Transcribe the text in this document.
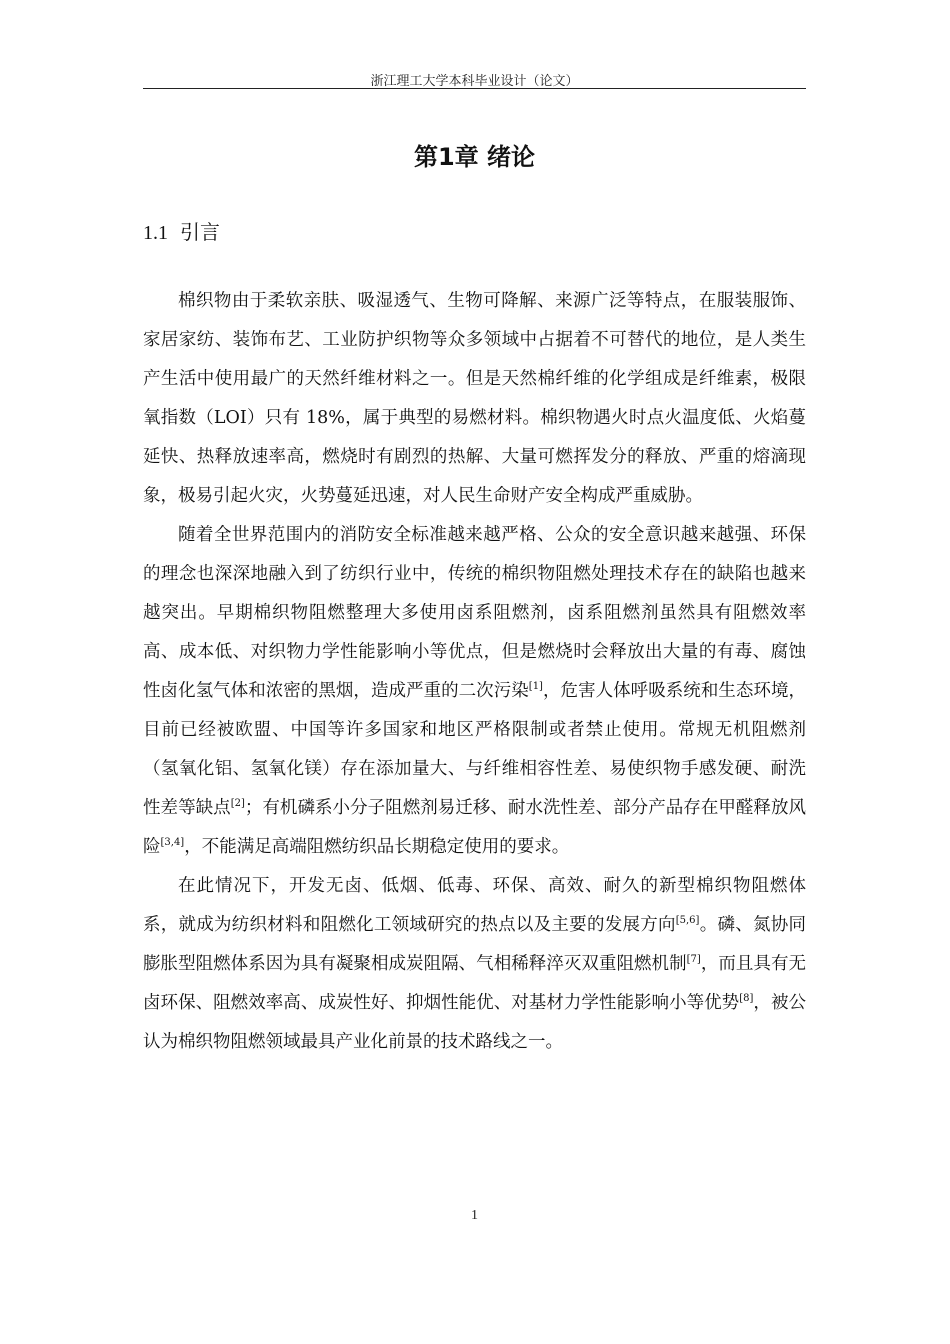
浙江理工大学本科毕业设计（论文）
第1章 绪论
1.1 引言

棉织物由于柔软亲肤、吸湿透气、生物可降解、来源广泛等特点，在服装服饰、家居家纺、装饰布艺、工业防护织物等众多领域中占据着不可替代的地位，是人类生产生活中使用最广的天然纤维材料之一。但是天然棉纤维的化学组成是纤维素，极限氧指数（LOI）只有 18%，属于典型的易燃材料。棉织物遇火时点火温度低、火焰蔓延快、热释放速率高，燃烧时有剧烈的热解、大量可燃挥发分的释放、严重的熔滴现象，极易引起火灾，火势蔓延迅速，对人民生命财产安全构成严重威胁。

随着全世界范围内的消防安全标准越来越严格、公众的安全意识越来越强、环保的理念也深深地融入到了纺织行业中，传统的棉织物阻燃处理技术存在的缺陷也越来越突出。早期棉织物阻燃整理大多使用卤系阻燃剂，卤系阻燃剂虽然具有阻燃效率高、成本低、对织物力学性能影响小等优点，但是燃烧时会释放出大量的有毒、腐蚀性卤化氢气体和浓密的黑烟，造成严重的二次污染[1]，危害人体呼吸系统和生态环境，目前已经被欧盟、中国等许多国家和地区严格限制或者禁止使用。常规无机阻燃剂（氢氧化铝、氢氧化镁）存在添加量大、与纤维相容性差、易使织物手感发硬、耐洗性差等缺点[2]；有机磷系小分子阻燃剂易迁移、耐水洗性差、部分产品存在甲醛释放风险[3,4]，不能满足高端阻燃纺织品长期稳定使用的要求。

在此情况下，开发无卤、低烟、低毒、环保、高效、耐久的新型棉织物阻燃体系，就成为纺织材料和阻燃化工领域研究的热点以及主要的发展方向[5,6]。磷、氮协同膨胀型阻燃体系因为具有凝聚相成炭阻隔、气相稀释淬灭双重阻燃机制[7]，而且具有无卤环保、阻燃效率高、成炭性好、抑烟性能优、对基材力学性能影响小等优势[8]，被公认为棉织物阻燃领域最具产业化前景的技术路线之一。

1
